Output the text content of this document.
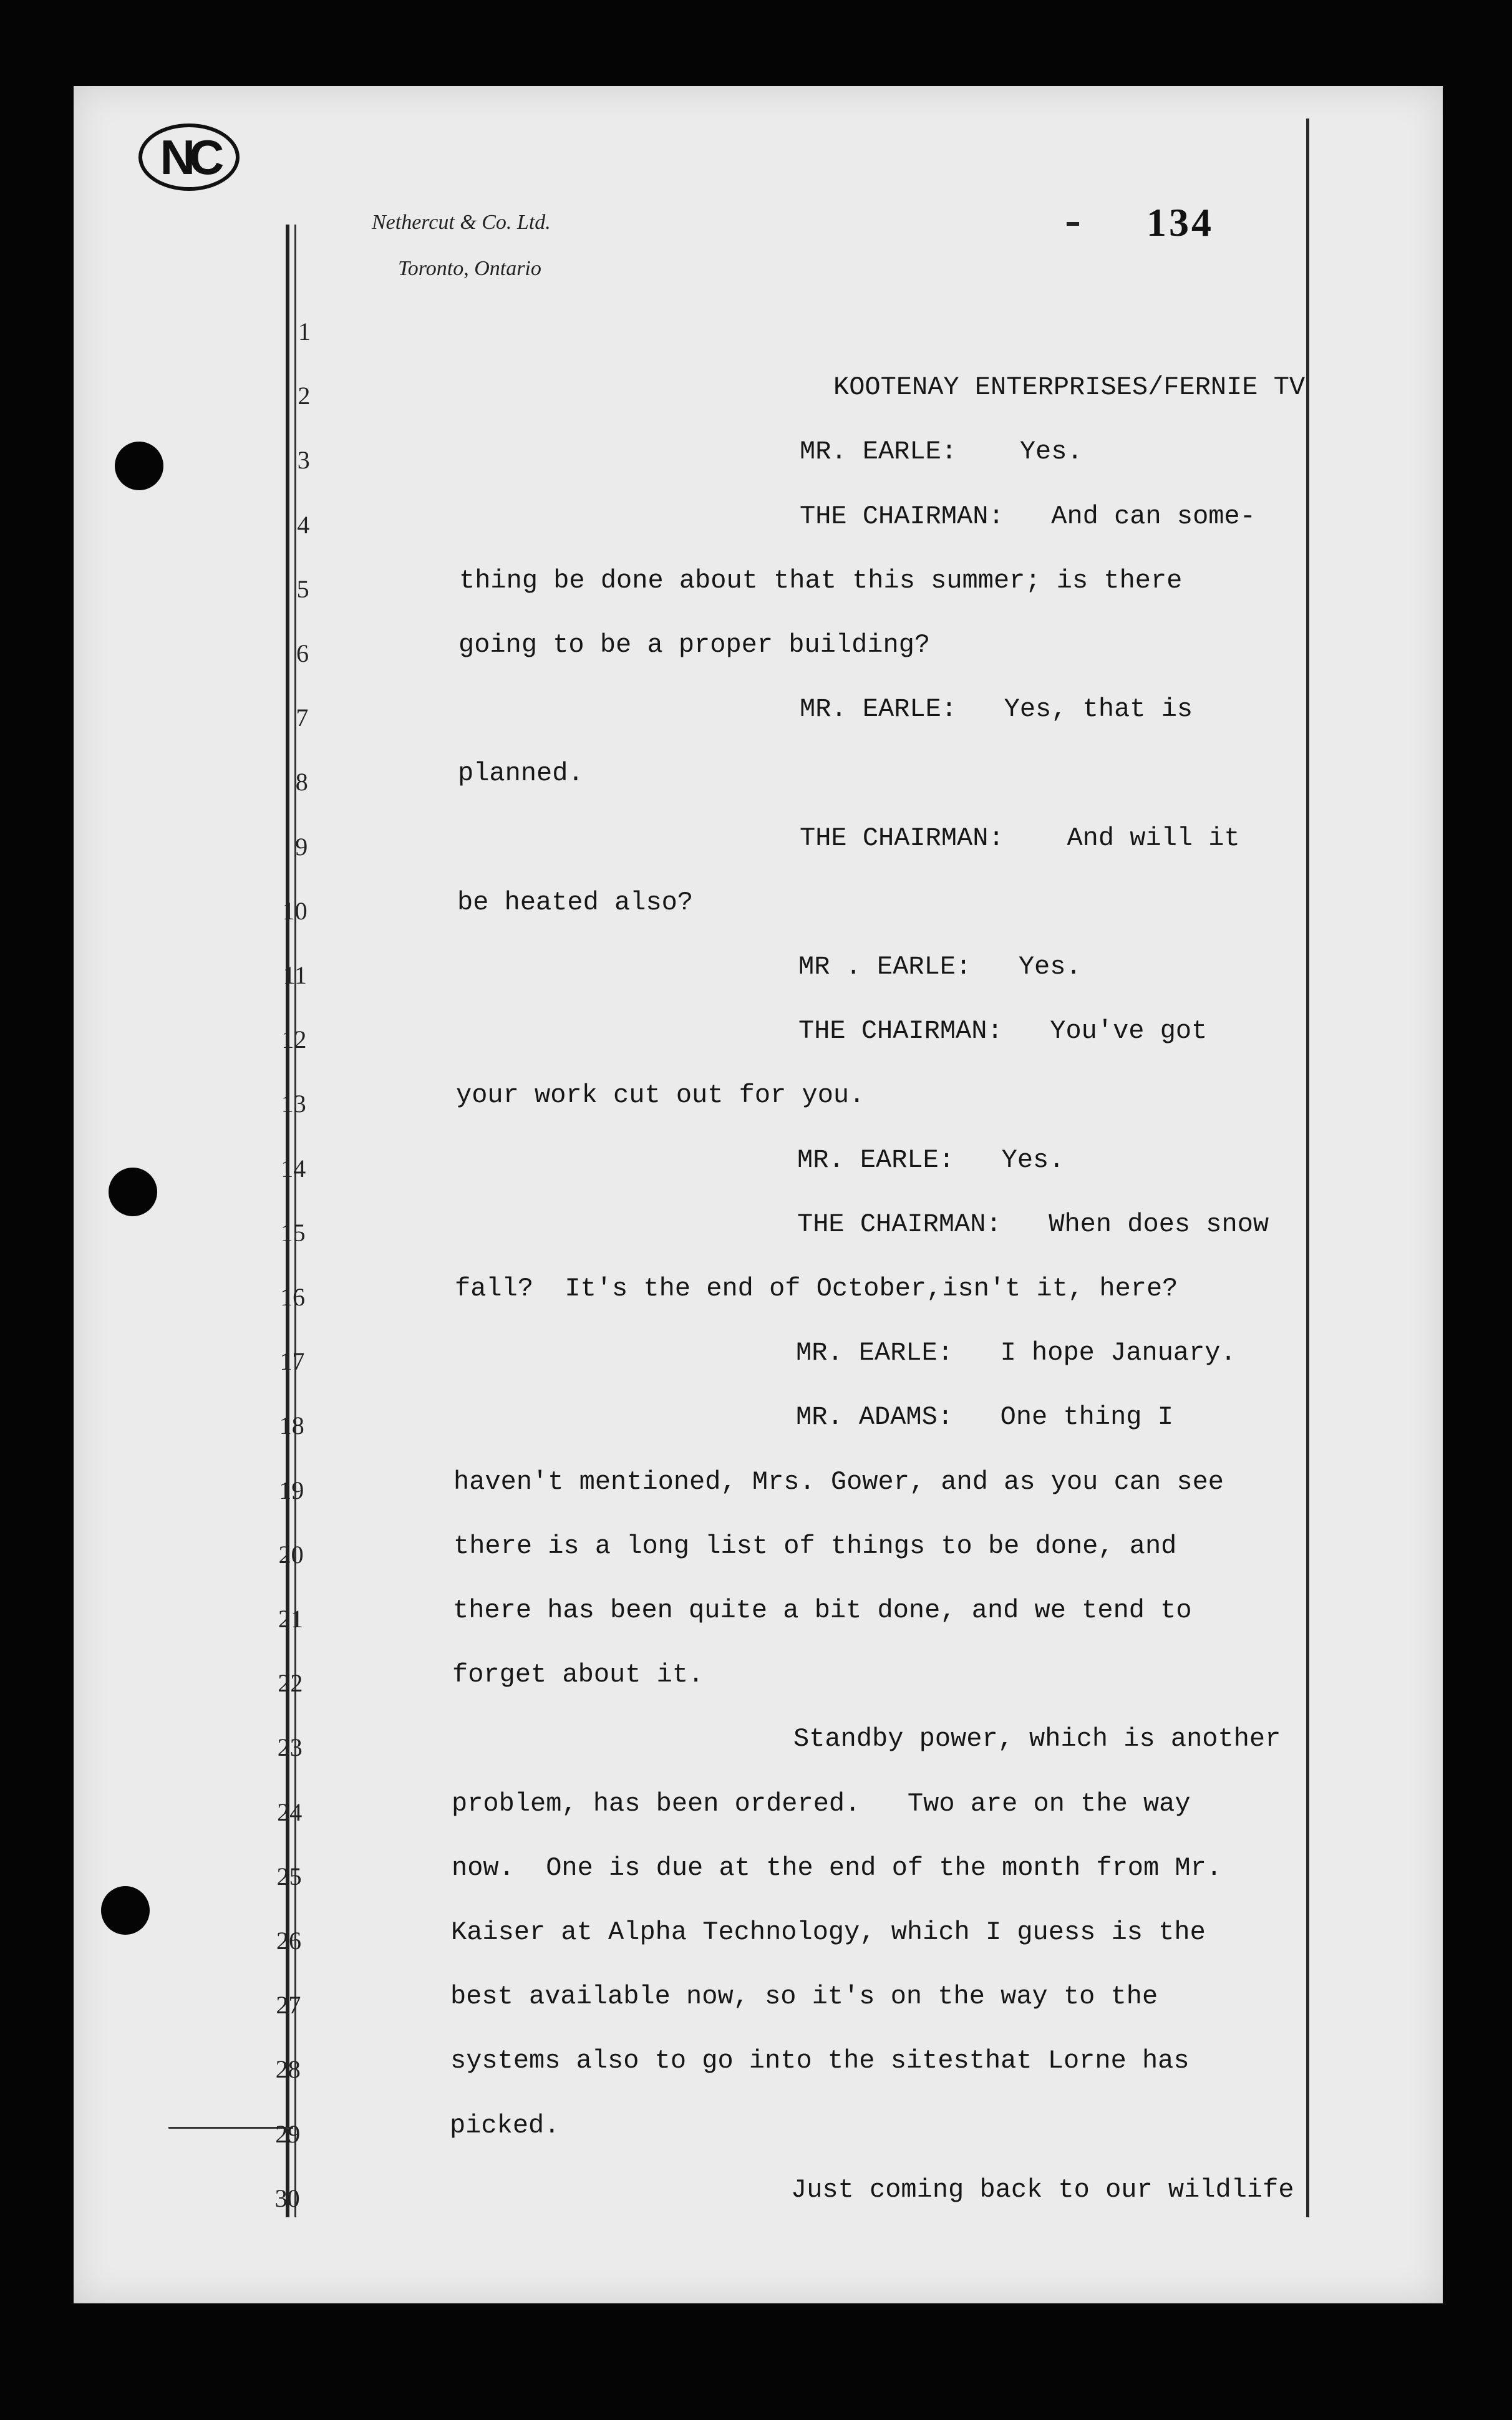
NC
Nethercut & Co. Ltd.
Toronto, Ontario
134
1
2
3
4
5
6
7
8
9
10
11
12
13
14
15
16
17
18
19
20
21
22
23
24
25
26
27
28
29
30
KOOTENAY ENTERPRISES/FERNIE TV
MR. EARLE:    Yes.
THE CHAIRMAN:   And can some-
thing be done about that this summer; is there
going to be a proper building?
MR. EARLE:   Yes, that is
planned.
THE CHAIRMAN:    And will it
be heated also?
MR . EARLE:   Yes.
THE CHAIRMAN:   You've got
your work cut out for you.
MR. EARLE:   Yes.
THE CHAIRMAN:   When does snow
fall?  It's the end of October,isn't it, here?
MR. EARLE:   I hope January.
MR. ADAMS:   One thing I
haven't mentioned, Mrs. Gower, and as you can see
there is a long list of things to be done, and
there has been quite a bit done, and we tend to
forget about it.
Standby power, which is another
problem, has been ordered.   Two are on the way
now.  One is due at the end of the month from Mr.
Kaiser at Alpha Technology, which I guess is the
best available now, so it's on the way to the
systems also to go into the sitesthat Lorne has
picked.
Just coming back to our wildlife
